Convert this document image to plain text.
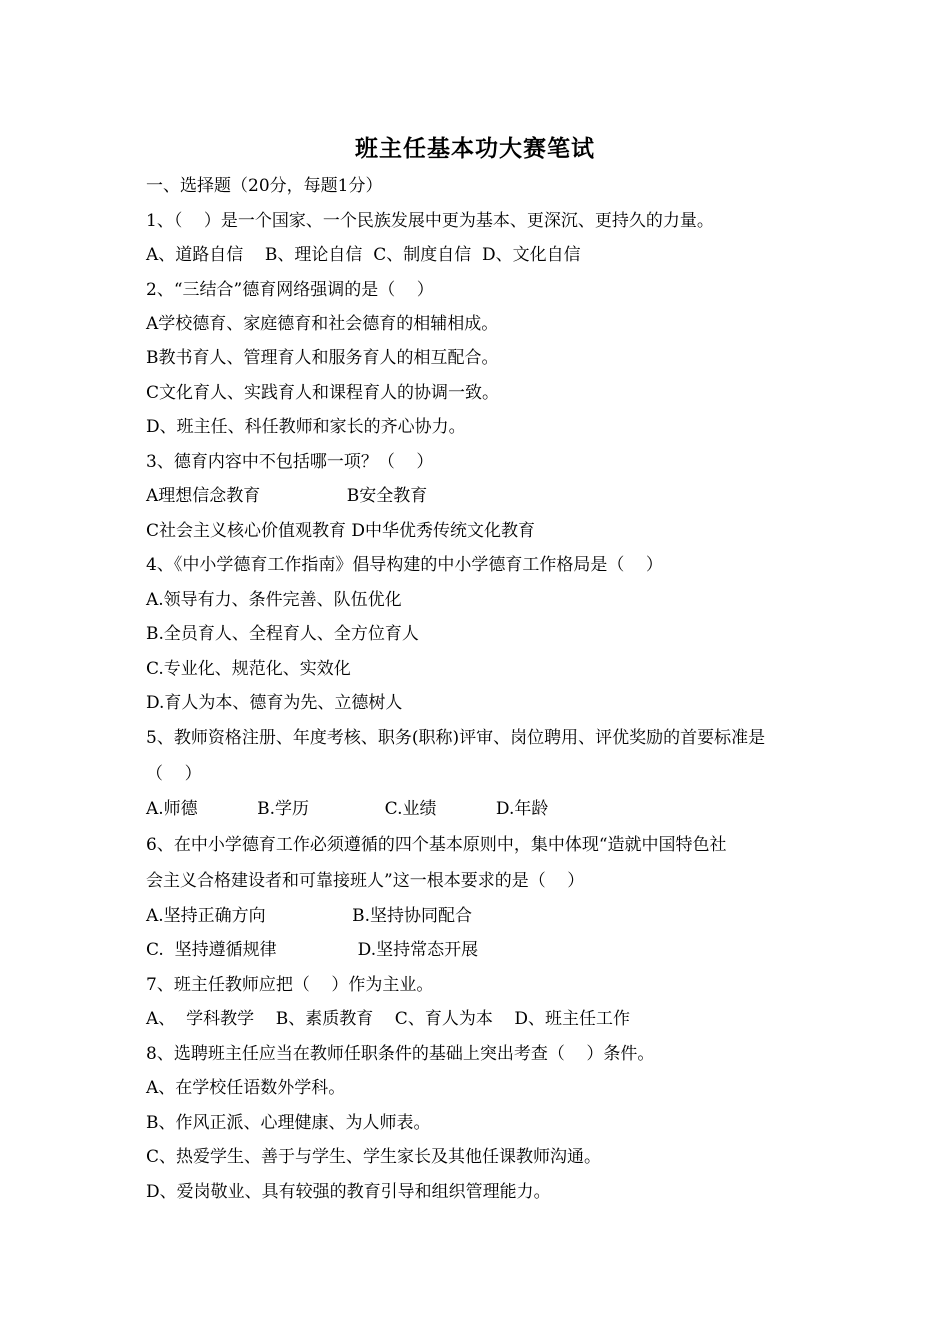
班主任基本功大赛笔试
一、选择题（20分，每题1分）
1、（    ）是一个国家、一个民族发展中更为基本、更深沉、更持久的力量。
A、道路自信    B、理论自信  C、制度自信  D、文化自信
2、“三结合”德育网络强调的是（    ）
A学校德育、家庭德育和社会德育的相辅相成。
B教书育人、管理育人和服务育人的相互配合。
C文化育人、实践育人和课程育人的协调一致。
D、班主任、科任教师和家长的齐心协力。
3、德育内容中不包括哪一项？（    ）
A理想信念教育                B安全教育
C社会主义核心价值观教育 D中华优秀传统文化教育
4、《中小学德育工作指南》倡导构建的中小学德育工作格局是（    ）
A.领导有力、条件完善、队伍优化
B.全员育人、全程育人、全方位育人
C.专业化、规范化、实效化
D.育人为本、德育为先、立德树人
5、教师资格注册、年度考核、职务(职称)评审、岗位聘用、评优奖励的首要标准是
（    ）
A.师德           B.学历              C.业绩           D.年龄
6、在中小学德育工作必须遵循的四个基本原则中，集中体现“造就中国特色社
会主义合格建设者和可靠接班人”这一根本要求的是（    ）
A.坚持正确方向                B.坚持协同配合
C.  坚持遵循规律               D.坚持常态开展
7、班主任教师应把（    ）作为主业。
A、  学科教学    B、素质教育    C、育人为本    D、班主任工作
8、选聘班主任应当在教师任职条件的基础上突出考查（    ）条件。
A、在学校任语数外学科。
B、作风正派、心理健康、为人师表。
C、热爱学生、善于与学生、学生家长及其他任课教师沟通。
D、爱岗敬业、具有较强的教育引导和组织管理能力。
